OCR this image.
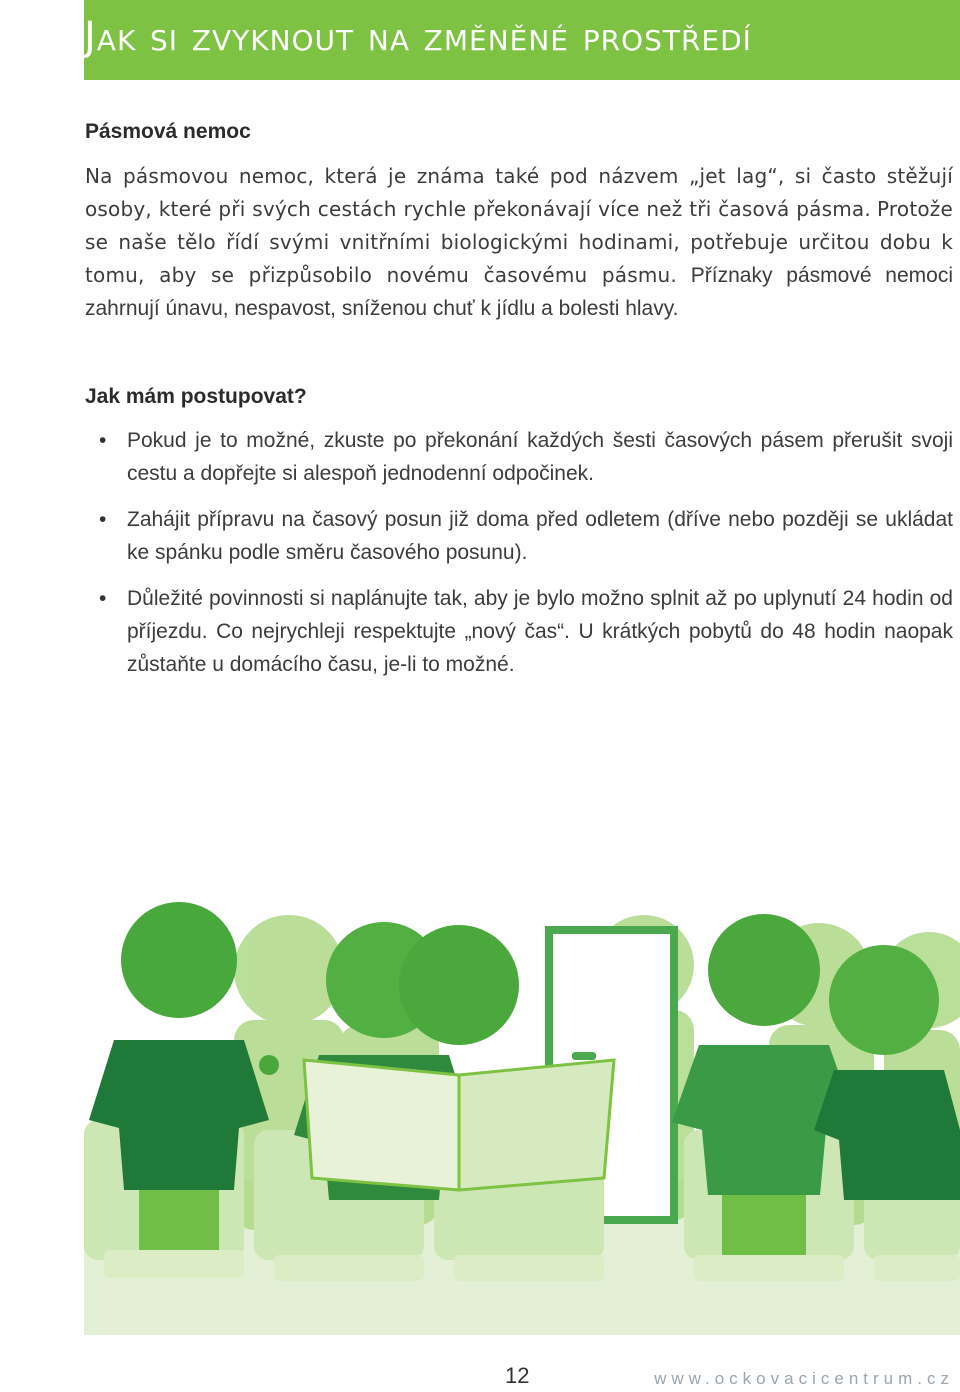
Jak si zvyknout na změněné prostředí
Pásmová nemoc

Na pásmovou nemoc, která je známa také pod názvem „jet lag“, si často stěžují osoby, které při svých cestách rychle překonávají více než tři časová pásma. Protože se naše tělo řídí svými vnitřními biologickými hodinami, potřebuje určitou dobu k tomu, aby se přizpůsobilo novému časovému pásmu. Příznaky pásmové nemoci zahrnují únavu, nespavost, sníženou chuť k jídlu a bolesti hlavy.

Jak mám postupovat?
• Pokud je to možné, zkuste po překonání každých šesti časových pásem přerušit svoji cestu a dopřejte si alespoň jednodenní odpočinek.
• Zahájit přípravu na časový posun již doma před odletem (dříve nebo později se ukládat ke spánku podle směru časového posunu).
• Důležité povinnosti si naplánujte tak, aby je bylo možno splnit až po uplynutí 24 hodin od příjezdu. Co nejrychleji respektujte „nový čas“. U krátkých pobytů do 48 hodin naopak zůstaňte u domácího času, je-li to možné.
12	www.ockovacicentrum.cz
